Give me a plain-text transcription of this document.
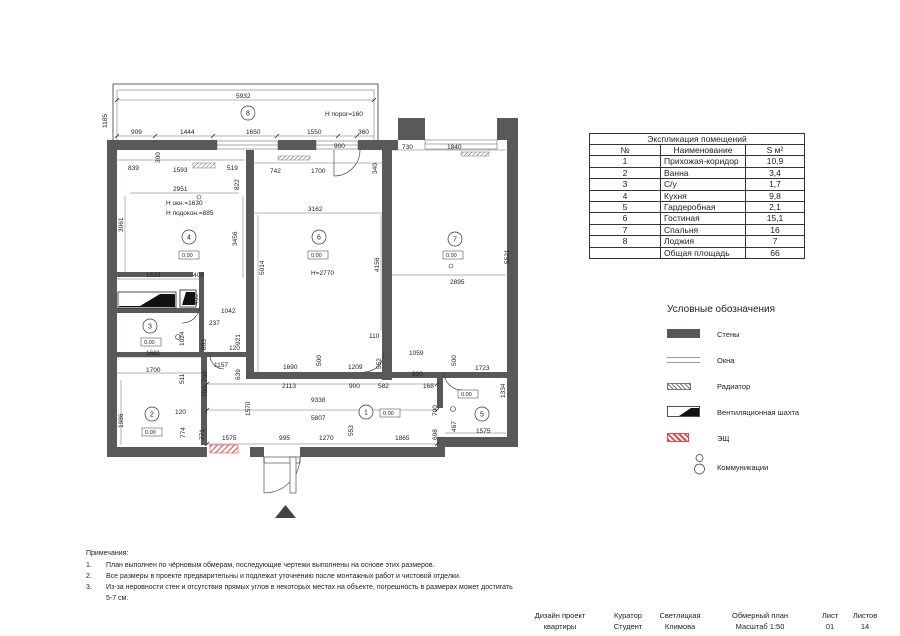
8
4
0.00
6
0.00
7
0.00
3
0.00
2
0.00
1	0.00	5
0.00
H порог=160
H окн.=1630
H подокон.=885
H=2770
5932
1185
909	1444	1650	1550	360
900
839	1593	519	742	1700	340
730	1840
300
822
2951
3162
3061
3456
5014	4156
5521
2895
1633	409
400
1042
237
120
921	110
1024 803
1681
1157
639
1690
500
1209 552
1059
500
1723
1700
511 708
700	2113	900	582
900
168	1334
9338
1986
120	1570
5807
700
467	1575
774 771 1575	995	1270
553
1865	698
Экспликация помещений
№	Наименование	S м²
1	Прихожая-коридор	10,9
2	Ванна	3,4
3	С/у	1,7
4	Кухня	9,8
5	Гардеробная	2,1
6	Гостиная	15,1
7	Спальня	16
8	Лоджия	7
	Общая площадь	66
Условные обозначения
Стены
Окна
Радиатор
Вентиляционная шахта
ЭЩ
Коммуникации
Примечания:
1. План выполнен по чёрновым обмерам, последующие чертежи выполнены на основе этих размеров.
2. Все размеры в проекте предварительны и подлежат уточнению после монтажных работ и чистовой отделки.
3. Из-за неровности стен и отсутствия прямых углов в некоторых местах на объекте, погрешность в размерах может достигать 5-7 см.
Дизайн проект
квартиры
Куратор
Студент
Светлицкая
Климова
Обмерный план
Масштаб 1:50
Лист
01
Листов
14
